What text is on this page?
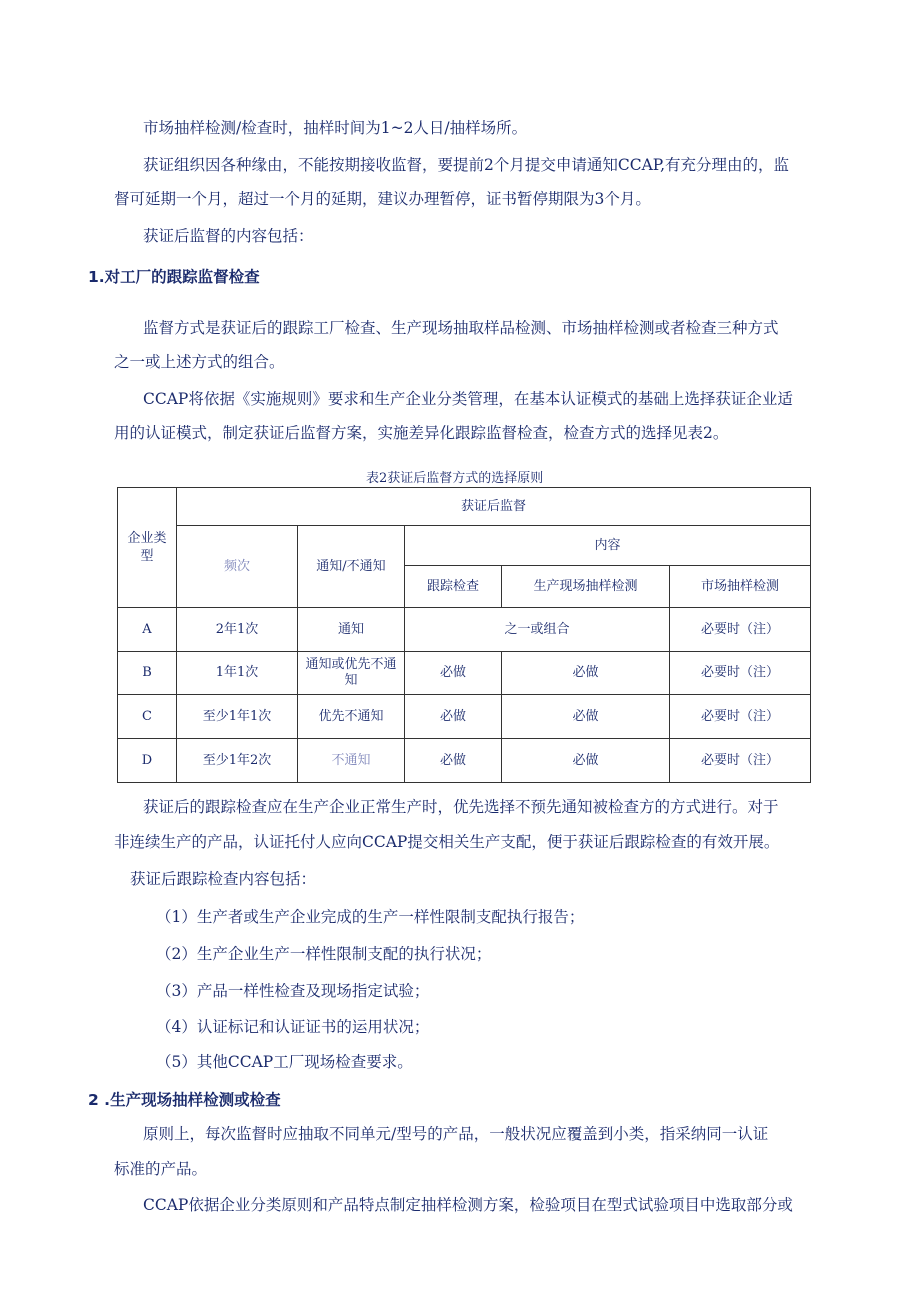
市场抽样检测/检查时，抽样时间为1~2人日/抽样场所。
获证组织因各种缘由，不能按期接收监督，要提前2个月提交申请通知CCAP,有充分理由的，监
督可延期一个月，超过一个月的延期，建议办理暂停，证书暂停期限为3个月。
获证后监督的内容包括：
1.对工厂的跟踪监督检查
监督方式是获证后的跟踪工厂检查、生产现场抽取样品检测、市场抽样检测或者检查三种方式
之一或上述方式的组合。
CCAP将依据《实施规则》要求和生产企业分类管理，在基本认证模式的基础上选择获证企业适
用的认证模式，制定获证后监督方案，实施差异化跟踪监督检查，检查方式的选择见表2。
表2获证后监督方式的选择原则
企业类型	获证后监督				
	频次	通知/不通知	内容		
			跟踪检查	生产现场抽样检测	市场抽样检测
A	2年1次	通知	之一或组合		必要时（注）
B	1年1次	通知或优先不通知	必做	必做	必要时（注）
C	至少1年1次	优先不通知	必做	必做	必要时（注）
D	至少1年2次	不通知	必做	必做	必要时（注）
获证后的跟踪检查应在生产企业正常生产时，优先选择不预先通知被检查方的方式进行。对于
非连续生产的产品，认证托付人应向CCAP提交相关生产支配，便于获证后跟踪检查的有效开展。
获证后跟踪检查内容包括：
（1）生产者或生产企业完成的生产一样性限制支配执行报告；
（2）生产企业生产一样性限制支配的执行状况；
（3）产品一样性检查及现场指定试验；
（4）认证标记和认证证书的运用状况；
（5）其他CCAP工厂现场检查要求。
2 .生产现场抽样检测或检查
原则上，每次监督时应抽取不同单元/型号的产品，一般状况应覆盖到小类，指采纳同一认证
标准的产品。
CCAP依据企业分类原则和产品特点制定抽样检测方案，检验项目在型式试验项目中选取部分或
